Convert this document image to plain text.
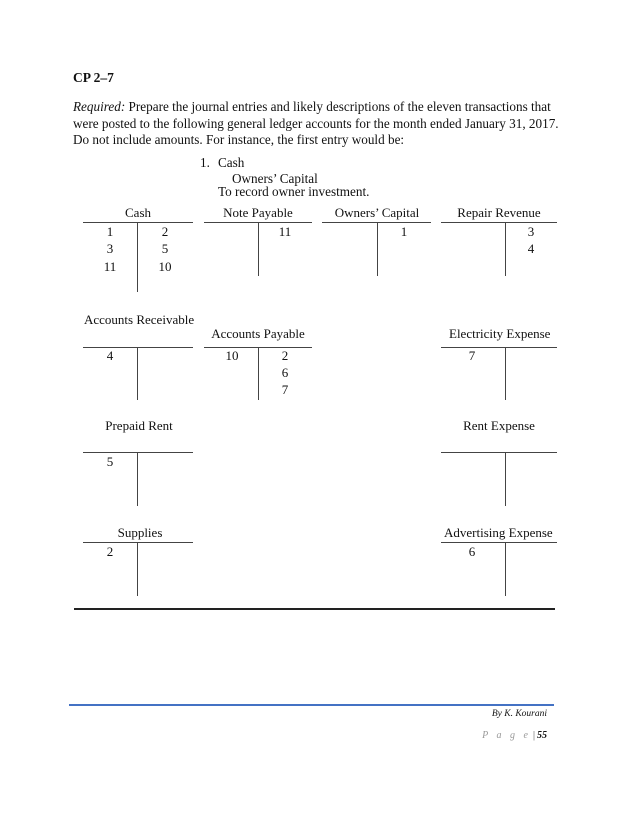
CP 2–7
Required: Prepare the journal entries and likely descriptions of the eleven transactions that were posted to the following general ledger accounts for the month ended January 31, 2017. Do not include amounts. For instance, the first entry would be:
1. Cash
Owners’ Capital
To record owner investment.
Cash
1
3
11
2
5
10
Note Payable
11
Owners’ Capital
1
Repair Revenue
3
4
Accounts Receivable
4
Accounts Payable
10	2
6
7
Electricity Expense
7
Prepaid Rent
5
Rent Expense
Supplies
2
Advertising Expense
6
By K. Kourani
P a g e | 55
